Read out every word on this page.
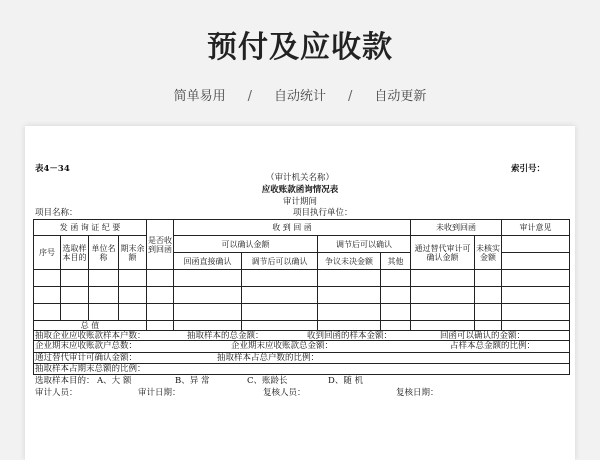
预付及应收款
简单易用 / 自动统计 / 自动更新
表4－34	索引号：
（审计机关名称）
应收账款函询情况表
审计期间
项目名称：	项目执行单位：
发 函 询 证 纪 要				是否收到回函	收 到 回 函				未收到回函		审计意见
序号	选取样本目的	单位名称	期末余额		可以确认金额		调节后可以确认		通过替代审计可确认金额	未核实金额	
					回函直接确认	调节后可以确认	争议未决金额	其他			

总 值											
抽取企业应收账款样本户数：	抽取样本的总金额：	收到回函的样本金额：	回函可以确认的金额：
企业期末应收账款户总数：	企业期末应收账款总金额：	占样本总金额的比例：
通过替代审计可确认金额：	抽取样本占总户数的比例：
抽取样本占期末总额的比例：
选取样本目的： A、大 额	B、异 常	C、账龄长	D、随 机
审计人员：	审计日期：	复核人员：	复核日期：
